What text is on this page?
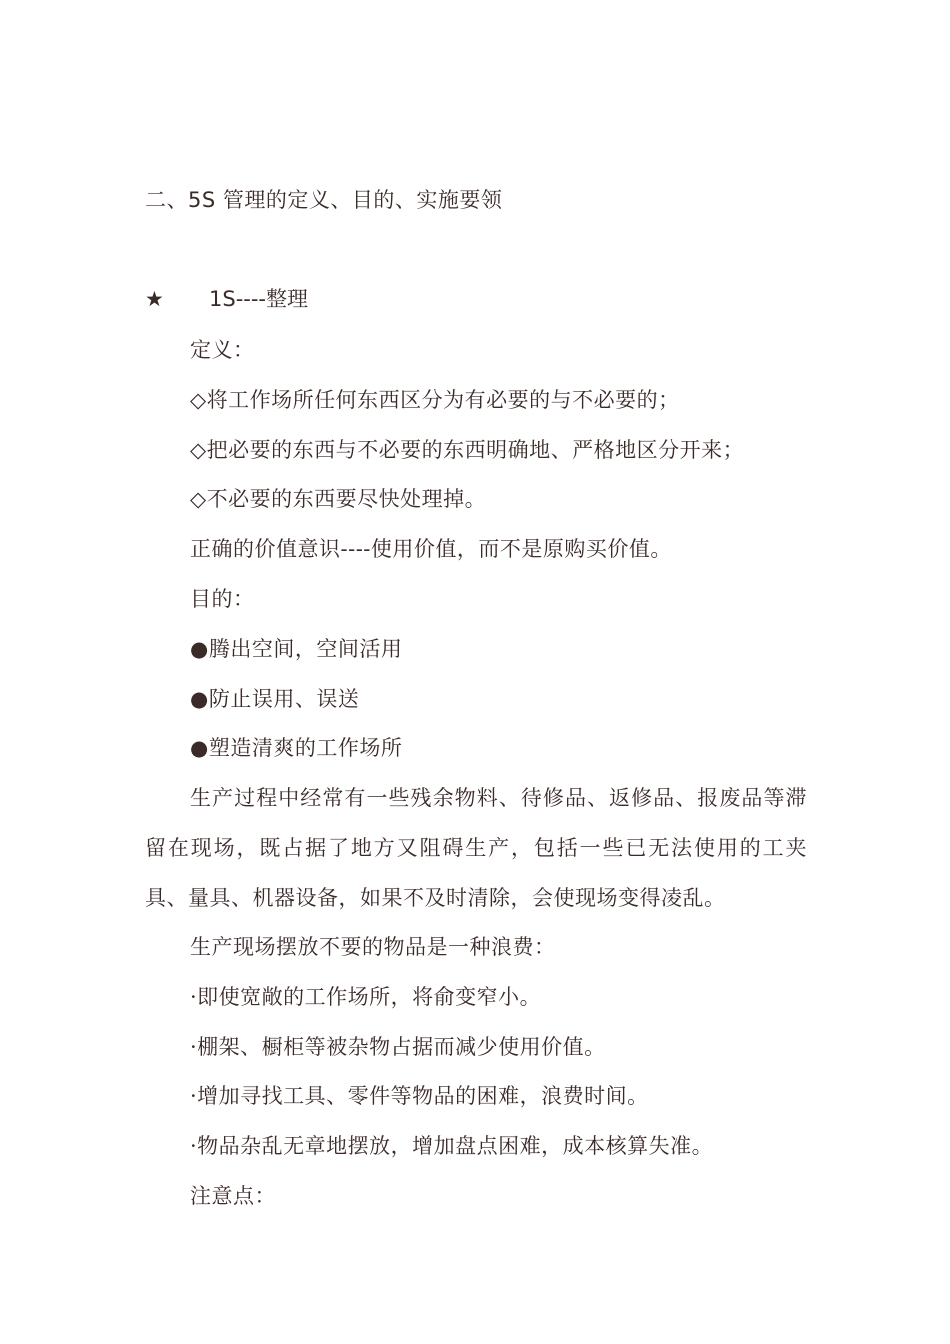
二、5S 管理的定义、目的、实施要领
★ 1S----整理
定义：
◇将工作场所任何东西区分为有必要的与不必要的；
◇把必要的东西与不必要的东西明确地、严格地区分开来；
◇不必要的东西要尽快处理掉。
正确的价值意识----使用价值，而不是原购买价值。
目的：
●腾出空间，空间活用
●防止误用、误送
●塑造清爽的工作场所
生产过程中经常有一些残余物料、待修品、返修品、报废品等滞留在现场，既占据了地方又阻碍生产，包括一些已无法使用的工夹具、量具、机器设备，如果不及时清除，会使现场变得凌乱。
生产现场摆放不要的物品是一种浪费：
·即使宽敞的工作场所，将俞变窄小。
·棚架、橱柜等被杂物占据而减少使用价值。
·增加寻找工具、零件等物品的困难，浪费时间。
·物品杂乱无章地摆放，增加盘点困难，成本核算失准。
注意点：
